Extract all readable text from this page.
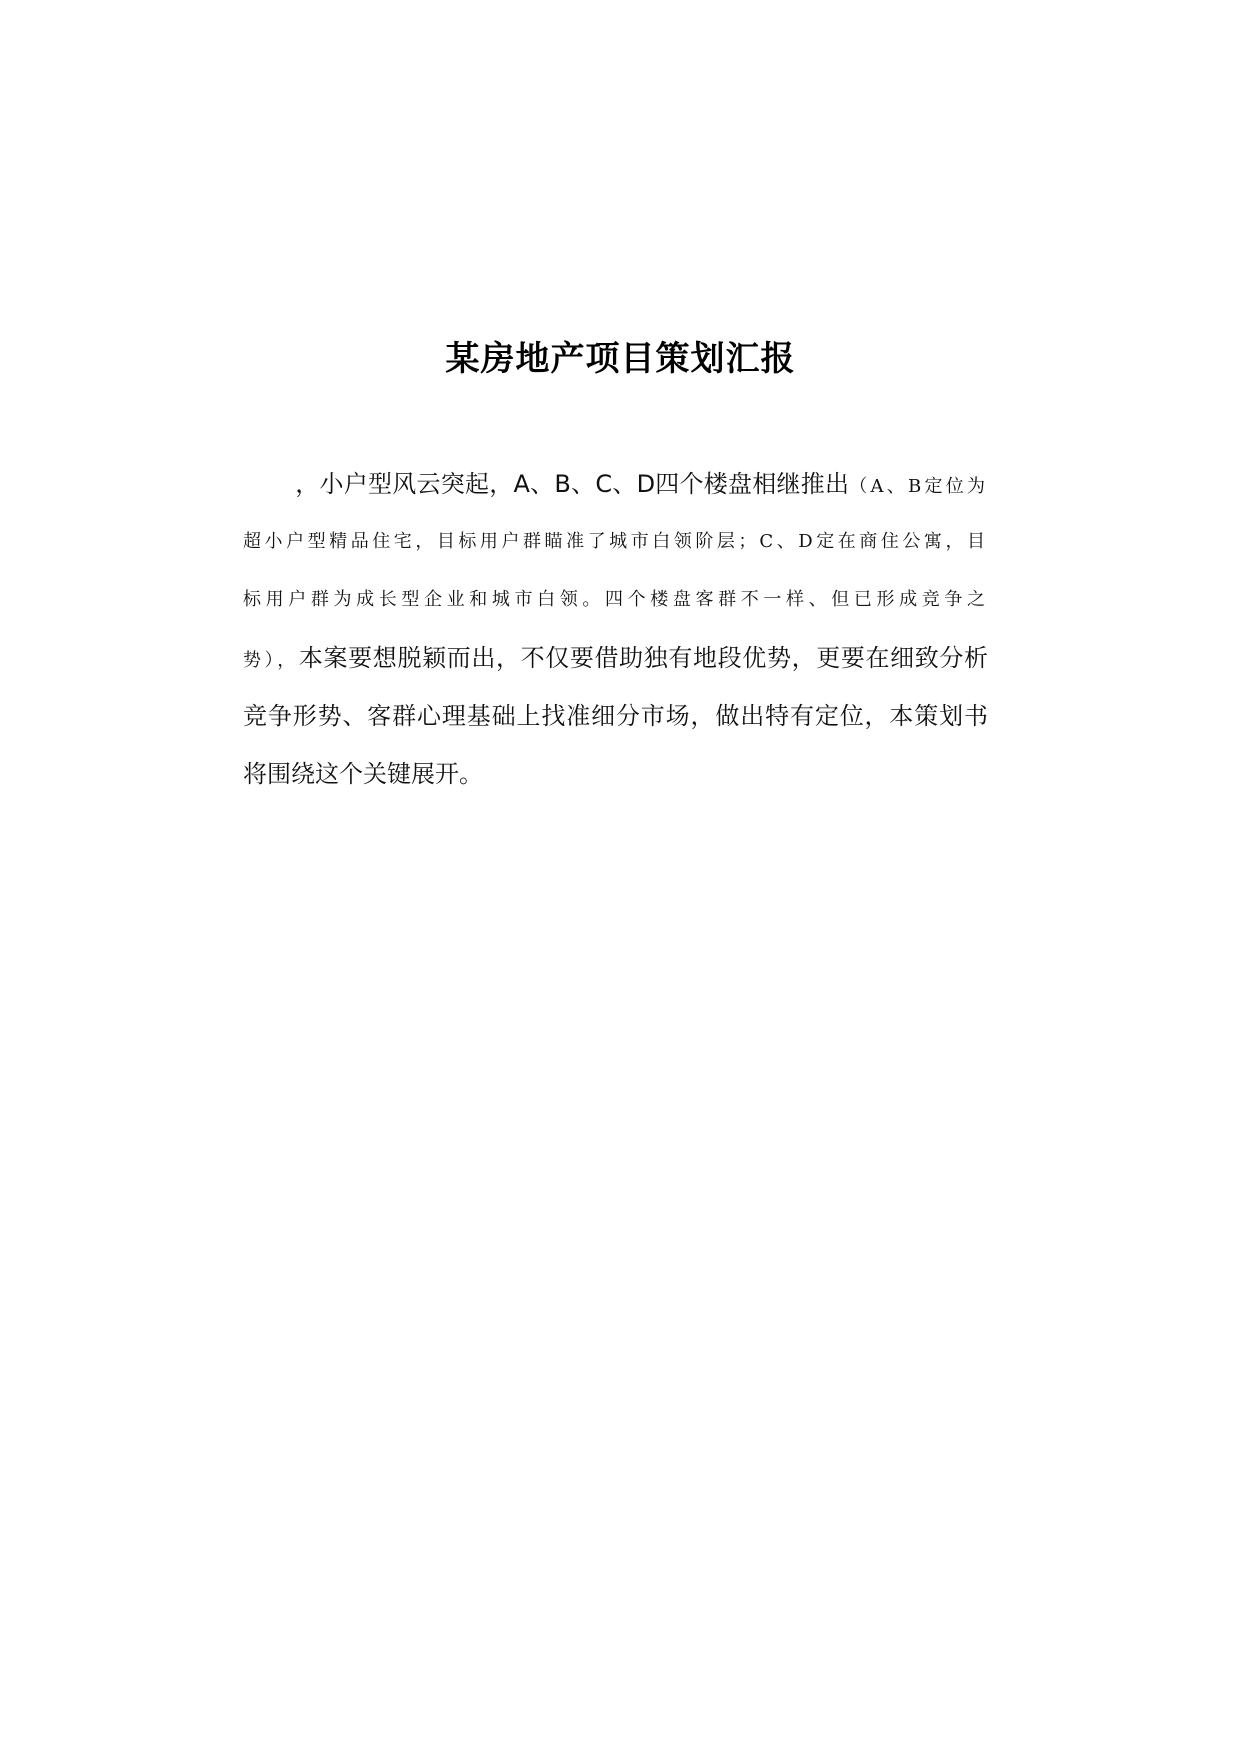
某房地产项目策划汇报
，小户型风云突起，A、B、C、D四个楼盘相继推出（A、B定位为
超小户型精品住宅，目标用户群瞄准了城市白领阶层；C、D定在商住公寓，目
标用户群为成长型企业和城市白领。四个楼盘客群不一样、但已形成竞争之
势），本案要想脱颖而出，不仅要借助独有地段优势，更要在细致分析
竞争形势、客群心理基础上找准细分市场，做出特有定位，本策划书
将围绕这个关键展开。
